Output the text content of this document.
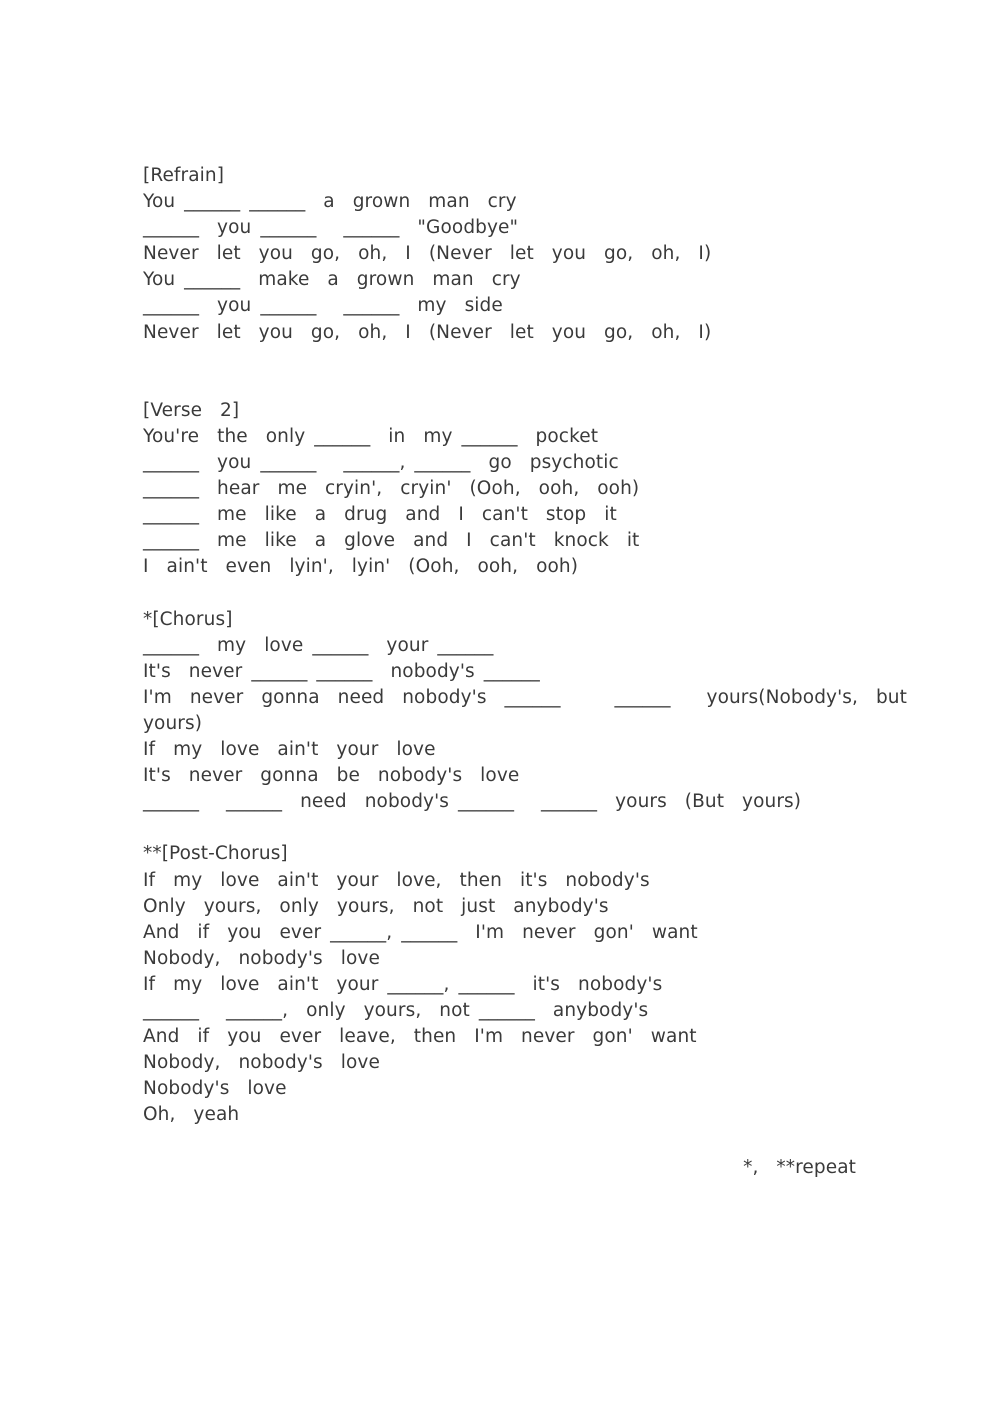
[Refrain]
You ______ ______  a  grown  man  cry
______  you ______   ______  "Goodbye"
Never  let  you  go,  oh,  I  (Never  let  you  go,  oh,  I)
You ______  make  a  grown  man  cry
______  you ______   ______  my  side
Never  let  you  go,  oh,  I  (Never  let  you  go,  oh,  I)
[Verse  2]
You're  the  only ______  in  my ______  pocket
______  you ______   ______, ______  go  psychotic
______  hear  me  cryin',  cryin'  (Ooh,  ooh,  ooh)
______  me  like  a  drug  and  I  can't  stop  it
______  me  like  a  glove  and  I  can't  knock  it
I  ain't  even  lyin',  lyin'  (Ooh,  ooh,  ooh)
*[Chorus]
______  my  love ______  your ______
It's  never ______ ______  nobody's ______
I'm  never  gonna  need  nobody's  ______      ______    yours(Nobody's,  but
yours)
If  my  love  ain't  your  love
It's  never  gonna  be  nobody's  love
______   ______  need  nobody's ______   ______  yours  (But  yours)
**[Post-Chorus]
If  my  love  ain't  your  love,  then  it's  nobody's
Only  yours,  only  yours,  not  just  anybody's
And  if  you  ever ______, ______  I'm  never  gon'  want
Nobody,  nobody's  love
If  my  love  ain't  your ______, ______  it's  nobody's
______   ______,  only  yours,  not ______  anybody's
And  if  you  ever  leave,  then  I'm  never  gon'  want
Nobody,  nobody's  love
Nobody's  love
Oh,  yeah
*,  **repeat
